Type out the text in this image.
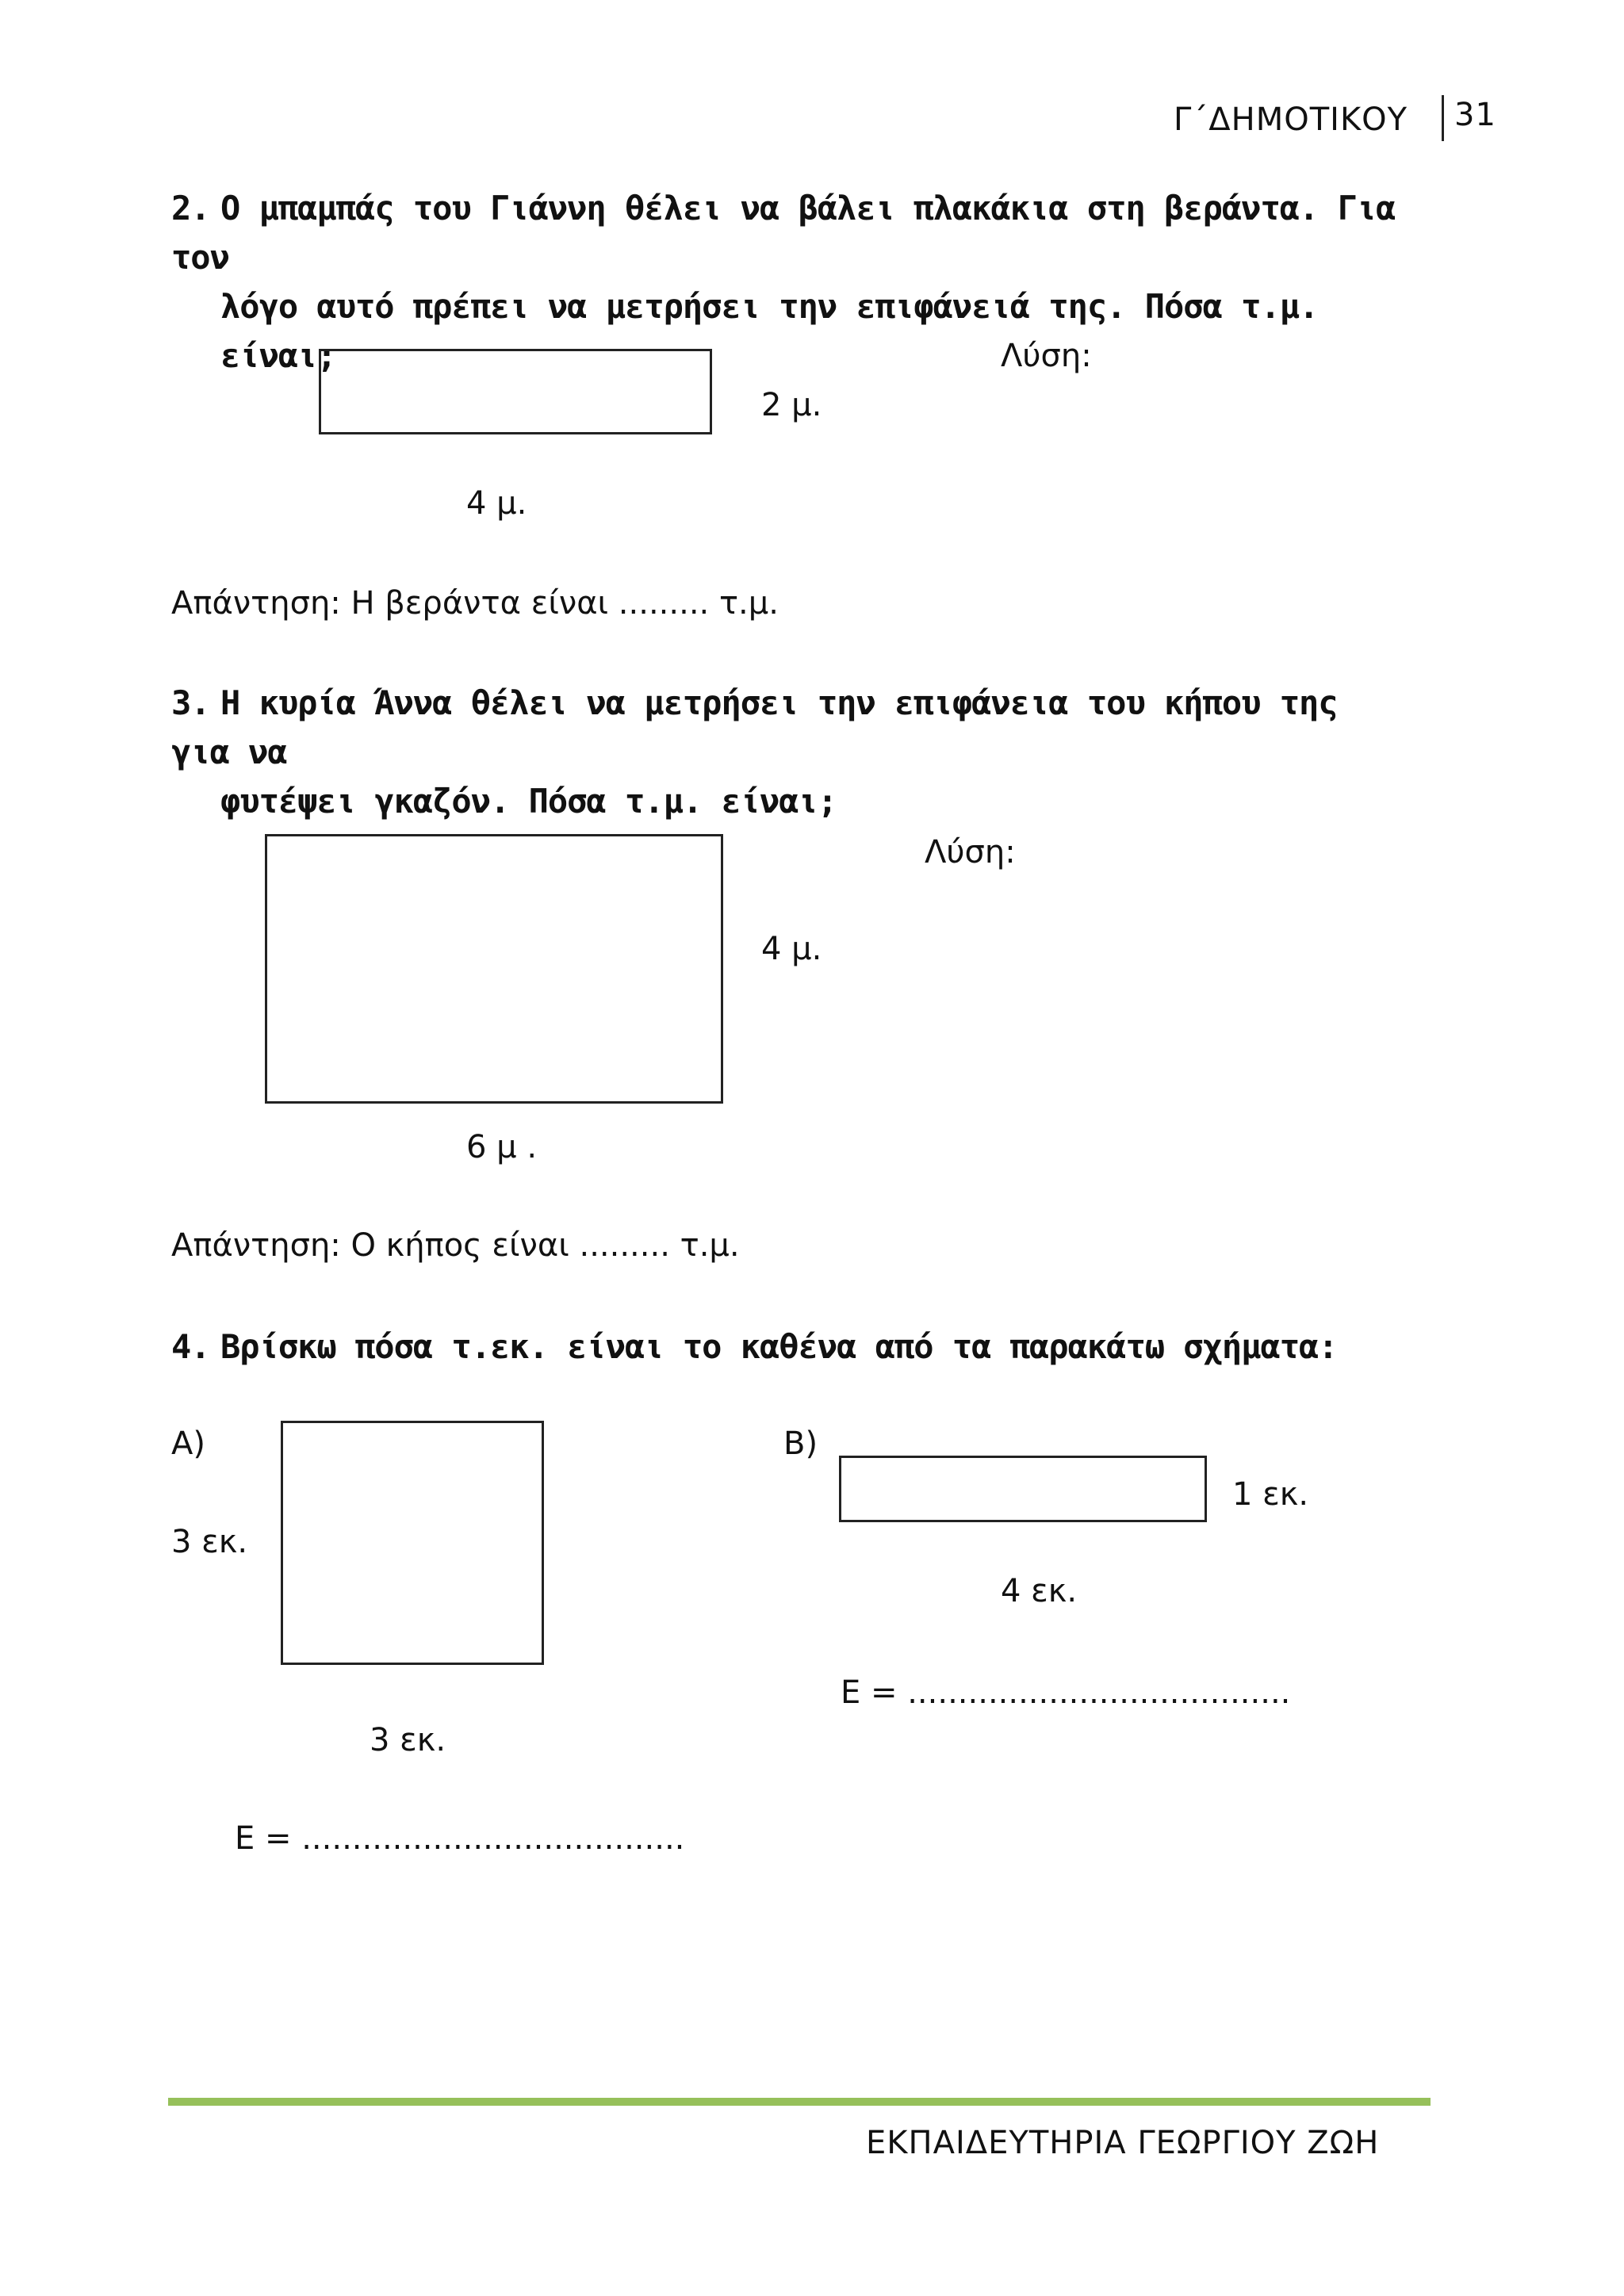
Γ΄ΔΗΜΟΤΙΚΟΥ 31
2. Ο μπαμπάς του Γιάννη θέλει να βάλει πλακάκια στη βεράντα. Για τον
λόγο αυτό πρέπει να μετρήσει την επιφάνειά της. Πόσα τ.μ. είναι;
2 μ.
4 μ.
Λύση:
Απάντηση: Η βεράντα είναι ......... τ.μ.
3. Η κυρία Άννα θέλει να μετρήσει την επιφάνεια του κήπου της για να
φυτέψει γκαζόν. Πόσα τ.μ. είναι;
4 μ.
6 μ .
Λύση:
Απάντηση: Ο κήπος είναι ......... τ.μ.
4. Βρίσκω πόσα τ.εκ. είναι το καθένα από τα παρακάτω σχήματα:
Α)
3 εκ.
3 εκ.
Ε = ......................................
Β)
1 εκ.
4 εκ.
Ε = ......................................
ΕΚΠΑΙΔΕΥΤΗΡΙΑ ΓΕΩΡΓΙΟΥ ΖΩΗ
